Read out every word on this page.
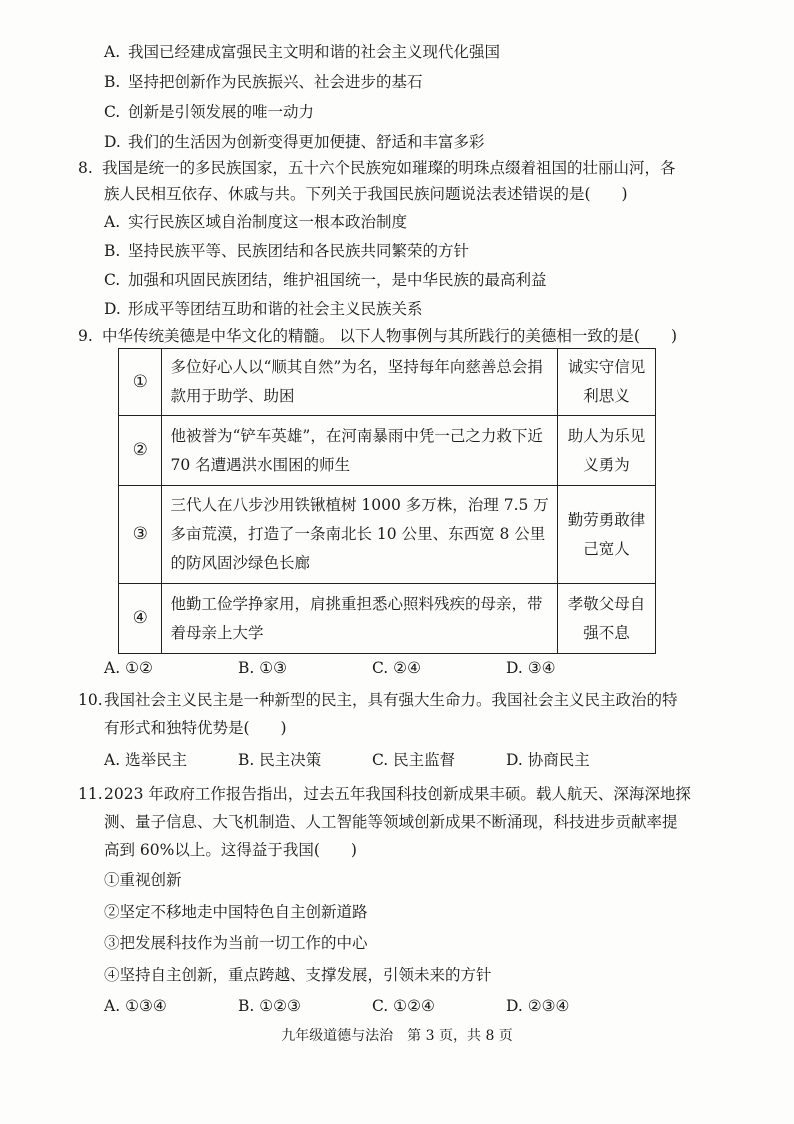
A. 我国已经建成富强民主文明和谐的社会主义现代化强国
B. 坚持把创新作为民族振兴、社会进步的基石
C. 创新是引领发展的唯一动力
D. 我们的生活因为创新变得更加便捷、舒适和丰富多彩
8. 我国是统一的多民族国家，五十六个民族宛如璀璨的明珠点缀着祖国的壮丽山河，各
族人民相互依存、休戚与共。下列关于我国民族问题说法表述错误的是(　　)
A. 实行民族区域自治制度这一根本政治制度
B. 坚持民族平等、民族团结和各民族共同繁荣的方针
C. 加强和巩固民族团结，维护祖国统一，是中华民族的最高利益
D. 形成平等团结互助和谐的社会主义民族关系
9. 中华传统美德是中华文化的精髓。 以下人物事例与其所践行的美德相一致的是(　　)
①	多位好心人以“顺其自然”为名，坚持每年向慈善总会捐款用于助学、助困	诚实守信见利思义
②	他被誉为“铲车英雄”，在河南暴雨中凭一己之力救下近 70 名遭遇洪水围困的师生	助人为乐见义勇为
③	三代人在八步沙用铁锹植树 1000 多万株，治理 7.5 万多亩荒漠，打造了一条南北长 10 公里、东西宽 8 公里的防风固沙绿色长廊	勤劳勇敢律己宽人
④	他勤工俭学挣家用，肩挑重担悉心照料残疾的母亲，带着母亲上大学	孝敬父母自强不息
A. ①②	B. ①③	C. ②④	D. ③④
10.我国社会主义民主是一种新型的民主，具有强大生命力。我国社会主义民主政治的特
有形式和独特优势是(　　)
A. 选举民主	B. 民主决策	C. 民主监督	D. 协商民主
11.2023 年政府工作报告指出，过去五年我国科技创新成果丰硕。载人航天、深海深地探
测、量子信息、大飞机制造、人工智能等领域创新成果不断涌现，科技进步贡献率提
高到 60%以上。这得益于我国(　　)
①重视创新
②坚定不移地走中国特色自主创新道路
③把发展科技作为当前一切工作的中心
④坚持自主创新，重点跨越、支撑发展，引领未来的方针
A. ①③④	B. ①②③	C. ①②④	D. ②③④
九年级道德与法治　第 3 页，共 8 页
